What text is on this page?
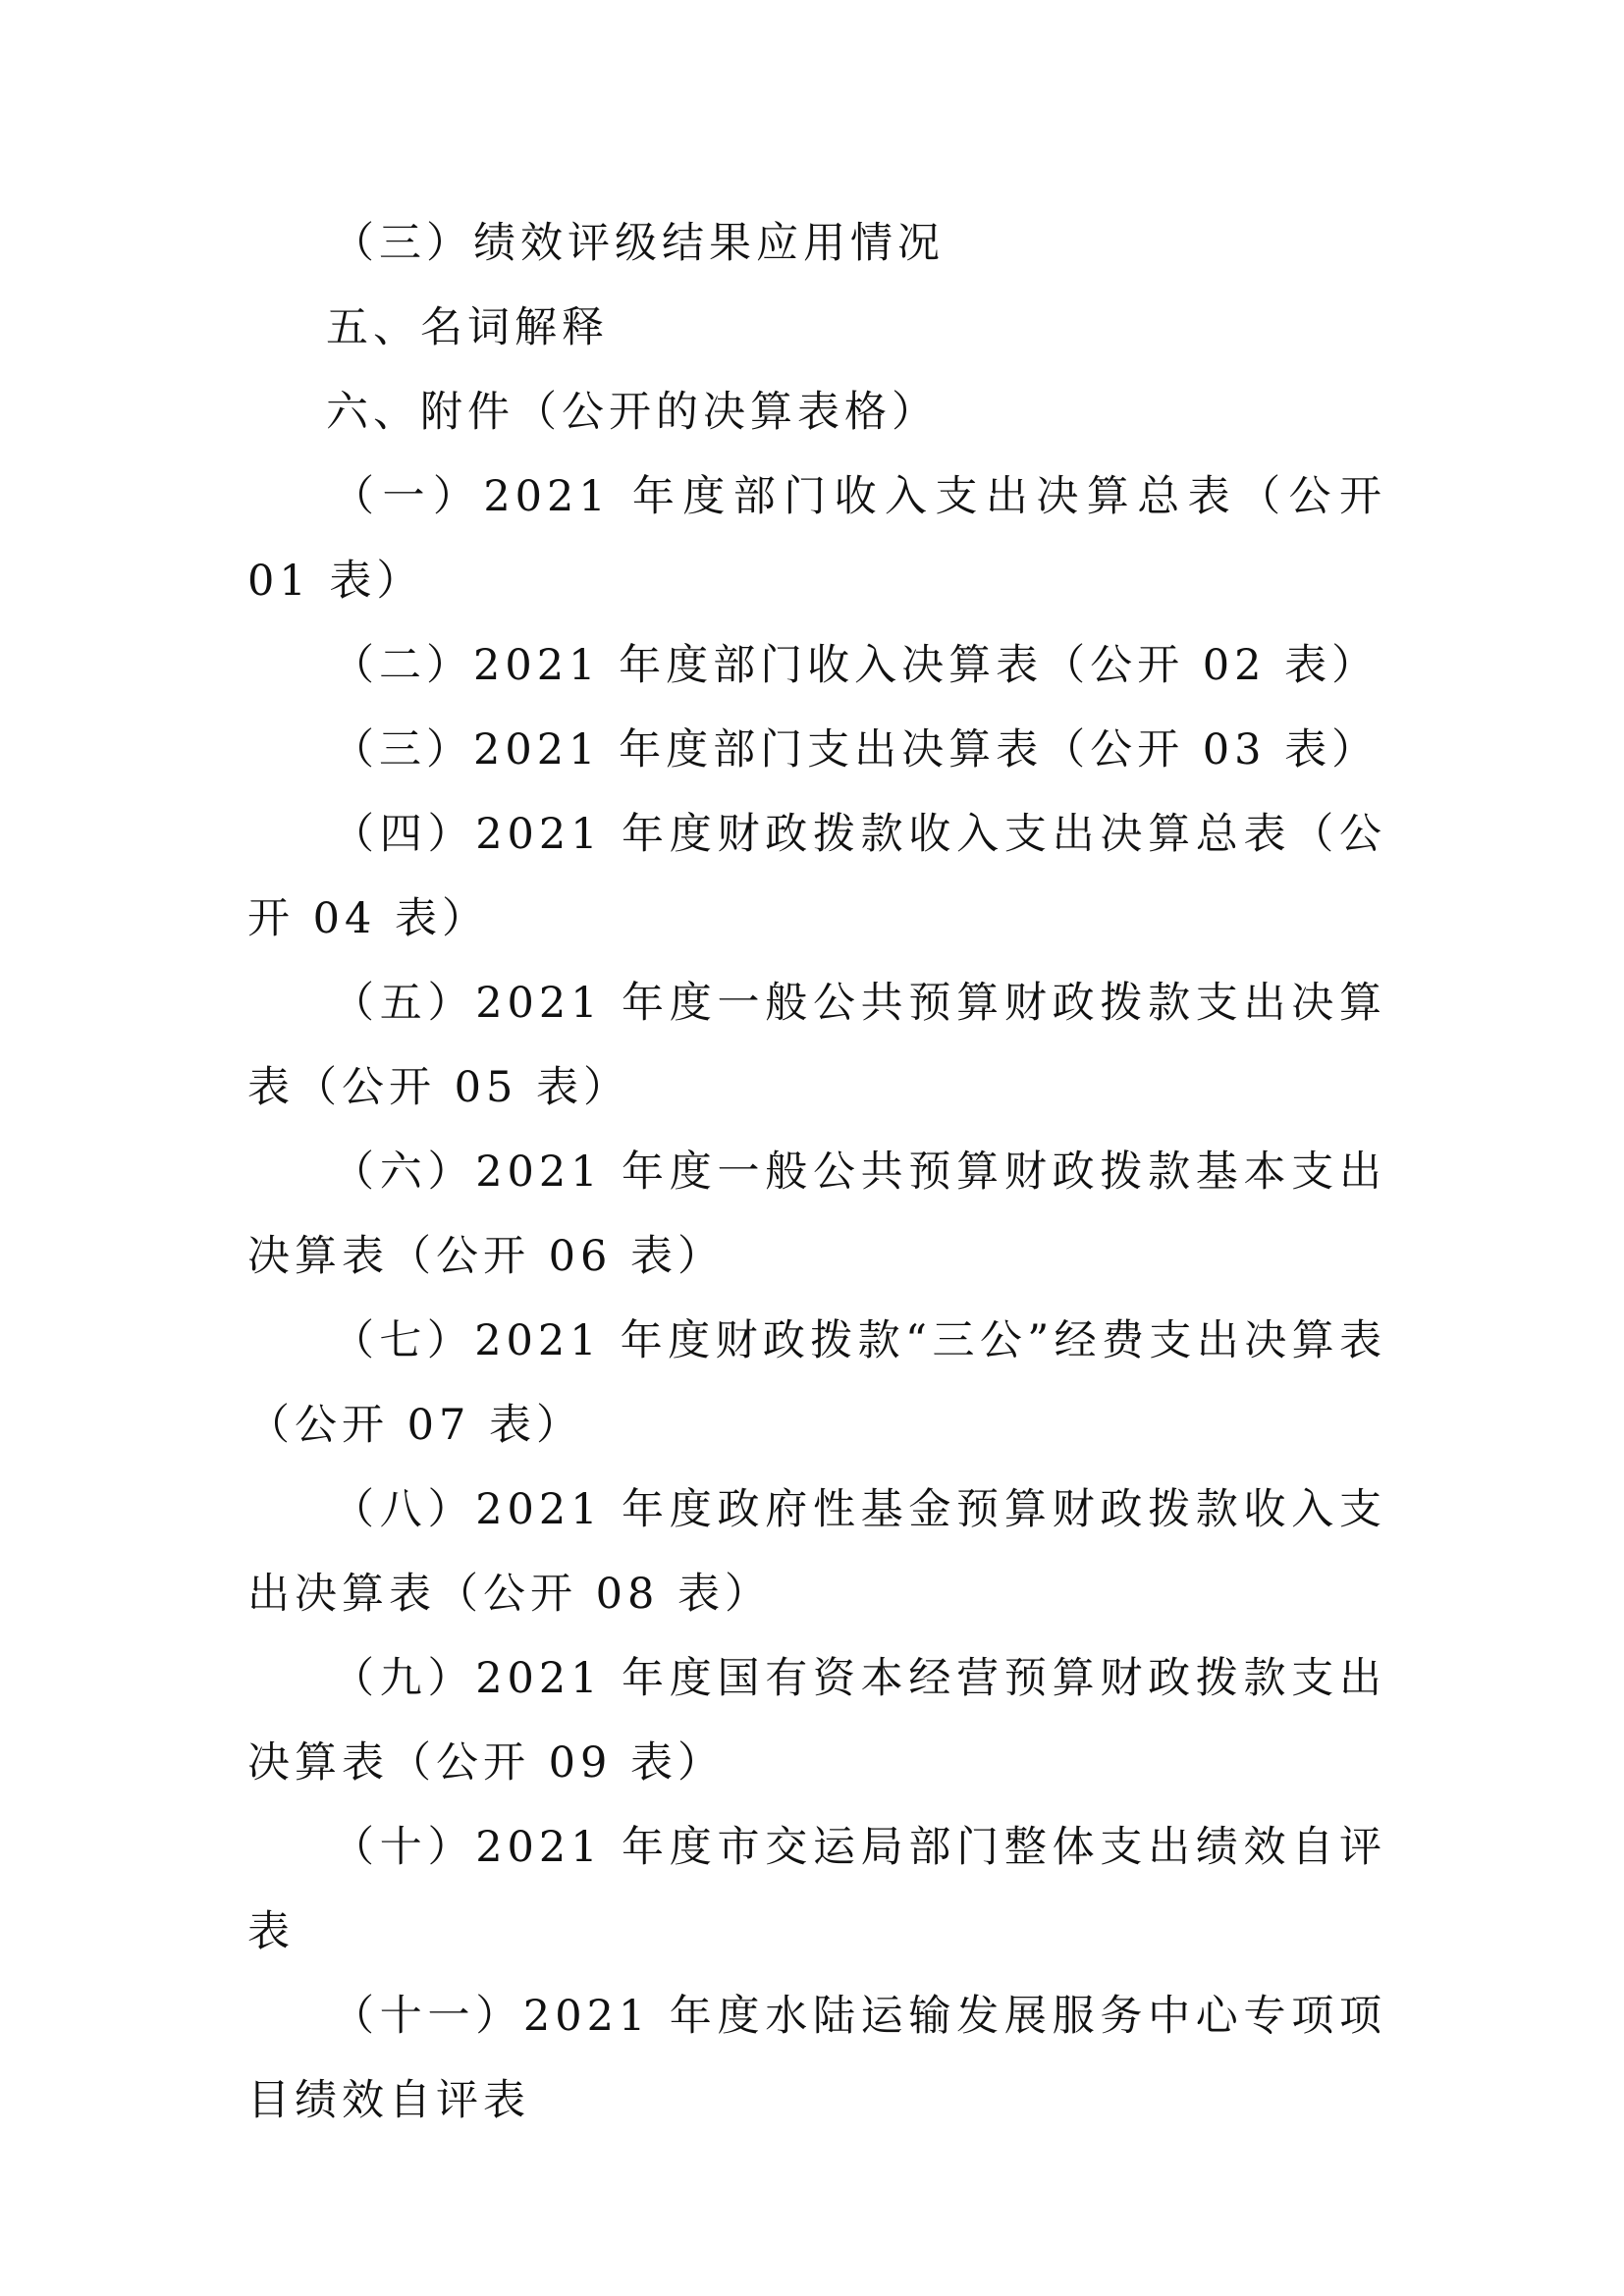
（三）绩效评级结果应用情况

五、名词解释

六、附件（公开的决算表格）

（一）2021 年度部门收入支出决算总表（公开 01 表）

（二）2021 年度部门收入决算表（公开 02 表）

（三）2021 年度部门支出决算表（公开 03 表）

（四）2021 年度财政拨款收入支出决算总表（公开 04 表）

（五）2021 年度一般公共预算财政拨款支出决算表（公开 05 表）

（六）2021 年度一般公共预算财政拨款基本支出决算表（公开 06 表）

（七）2021 年度财政拨款“三公”经费支出决算表（公开 07 表）

（八）2021 年度政府性基金预算财政拨款收入支出决算表（公开 08 表）

（九）2021 年度国有资本经营预算财政拨款支出决算表（公开 09 表）

（十）2021 年度市交运局部门整体支出绩效自评表

（十一）2021 年度水陆运输发展服务中心专项项目绩效自评表
